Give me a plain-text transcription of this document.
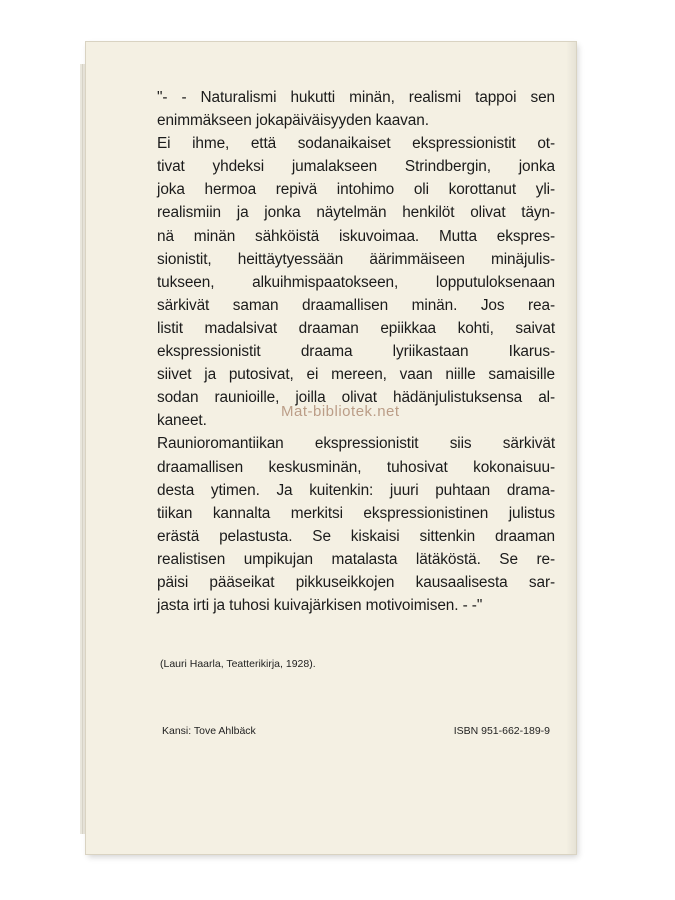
"- - Naturalismi hukutti minän, realismi tappoi sen
enimmäkseen jokapäiväisyyden kaavan.

Ei ihme, että sodanaikaiset ekspressionistit ot-
tivat yhdeksi jumalakseen Strindbergin, jonka
joka hermoa repivä intohimo oli korottanut yli-
realismiin ja jonka näytelmän henkilöt olivat täyn-
nä minän sähköistä iskuvoimaa. Mutta ekspres-
sionistit, heittäytyessään äärimmäiseen minäjulis-
tukseen, alkuihmispaatokseen, lopputuloksenaan
särkivät saman draamallisen minän. Jos rea-
listit madalsivat draaman epiikkaa kohti, saivat
ekspressionistit draama lyriikastaan Ikarus-
siivet ja putosivat, ei mereen, vaan niille samaisille
sodan raunioille, joilla olivat hädänjulistuksensa al-
kaneet.

Raunioromantiikan ekspressionistit siis särkivät
draamallisen keskusminän, tuhosivat kokonaisuu-
desta ytimen. Ja kuitenkin: juuri puhtaan drama-
tiikan kannalta merkitsi ekspressionistinen julistus
erästä pelastusta. Se kiskaisi sittenkin draaman
realistisen umpikujan matalasta lätäköstä. Se re-
päisi pääseikat pikkuseikkojen kausaalisesta sar-
jasta irti ja tuhosi kuivajärkisen motivoimisen. - -"

Mat-bibliotek.net
(Lauri Haarla, Teatterikirja, 1928).
Kansi: Tove Ahlbäck	ISBN 951-662-189-9
